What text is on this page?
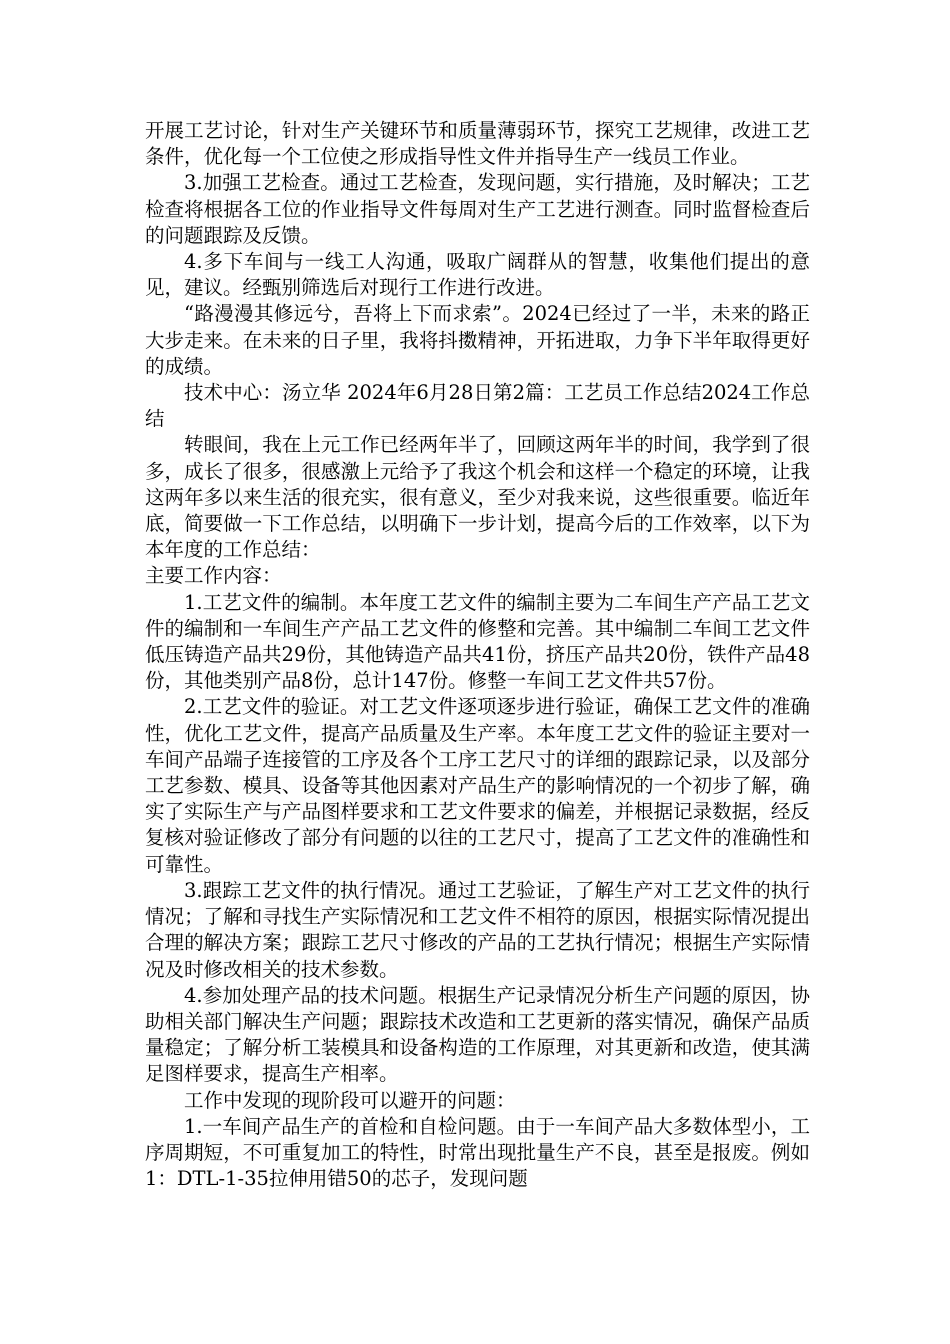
开展工艺讨论，针对生产关键环节和质量薄弱环节，探究工艺规律，改进工艺条件，优化每一个工位使之形成指导性文件并指导生产一线员工作业。

3.加强工艺检查。通过工艺检查，发现问题，实行措施，及时解决；工艺检查将根据各工位的作业指导文件每周对生产工艺进行测查。同时监督检查后的问题跟踪及反馈。

4.多下车间与一线工人沟通，吸取广阔群从的智慧，收集他们提出的意见，建议。经甄别筛选后对现行工作进行改进。

“路漫漫其修远兮，吾将上下而求索”。2024已经过了一半，未来的路正大步走来。在未来的日子里，我将抖擞精神，开拓进取，力争下半年取得更好的成绩。

技术中心：汤立华 2024年6月28日第2篇：工艺员工作总结2024工作总结

转眼间，我在上元工作已经两年半了，回顾这两年半的时间，我学到了很多，成长了很多，很感激上元给予了我这个机会和这样一个稳定的环境，让我这两年多以来生活的很充实，很有意义，至少对我来说，这些很重要。临近年底，简要做一下工作总结，以明确下一步计划，提高今后的工作效率，以下为本年度的工作总结：

主要工作内容：

1.工艺文件的编制。本年度工艺文件的编制主要为二车间生产产品工艺文件的编制和一车间生产产品工艺文件的修整和完善。其中编制二车间工艺文件低压铸造产品共29份，其他铸造产品共41份，挤压产品共20份，铁件产品48份，其他类别产品8份，总计147份。修整一车间工艺文件共57份。

2.工艺文件的验证。对工艺文件逐项逐步进行验证，确保工艺文件的准确性，优化工艺文件，提高产品质量及生产率。本年度工艺文件的验证主要对一车间产品端子连接管的工序及各个工序工艺尺寸的详细的跟踪记录，以及部分工艺参数、模具、设备等其他因素对产品生产的影响情况的一个初步了解，确实了实际生产与产品图样要求和工艺文件要求的偏差，并根据记录数据，经反复核对验证修改了部分有问题的以往的工艺尺寸，提高了工艺文件的准确性和可靠性。

3.跟踪工艺文件的执行情况。通过工艺验证，了解生产对工艺文件的执行情况；了解和寻找生产实际情况和工艺文件不相符的原因，根据实际情况提出合理的解决方案；跟踪工艺尺寸修改的产品的工艺执行情况；根据生产实际情况及时修改相关的技术参数。

4.参加处理产品的技术问题。根据生产记录情况分析生产问题的原因，协助相关部门解决生产问题；跟踪技术改造和工艺更新的落实情况，确保产品质量稳定；了解分析工装模具和设备构造的工作原理，对其更新和改造，使其满足图样要求，提高生产相率。

工作中发现的现阶段可以避开的问题：

1.一车间产品生产的首检和自检问题。由于一车间产品大多数体型小，工序周期短，不可重复加工的特性，时常出现批量生产不良，甚至是报废。例如1：DTL-1-35拉伸用错50的芯子，发现问题
